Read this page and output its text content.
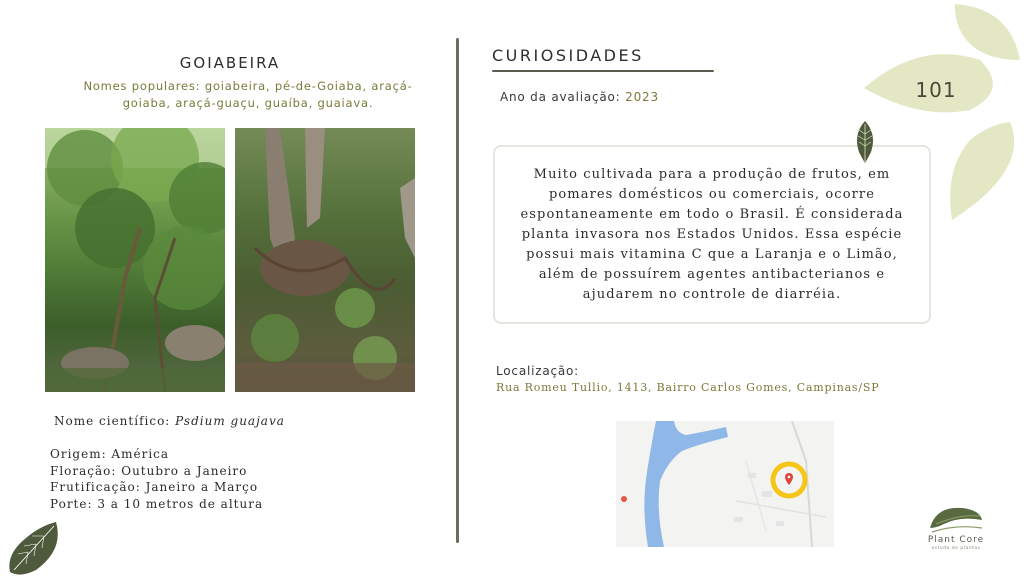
GOIABEIRA
Nomes populares: goiabeira, pé-de-Goiaba, araçá-goiaba, araçá-guaçu, guaíba, guaiava.
Nome científico: Psdium guajava
Origem: América
Floração: Outubro a Janeiro
Frutificação: Janeiro a Março
Porte: 3 a 10 metros de altura
CURIOSIDADES
Ano da avaliação: 2023
Muito cultivada para a produção de frutos, em pomares domésticos ou comerciais, ocorre espontaneamente em todo o Brasil. É considerada planta invasora nos Estados Unidos. Essa espécie possui mais vitamina C que a Laranja e o Limão, além de possuírem agentes antibacterianos e ajudarem no controle de diarréia.
Localização:
Rua Romeu Tullio, 1413, Bairro Carlos Gomes, Campinas/SP
101
Plant Core
estudo de plantas
